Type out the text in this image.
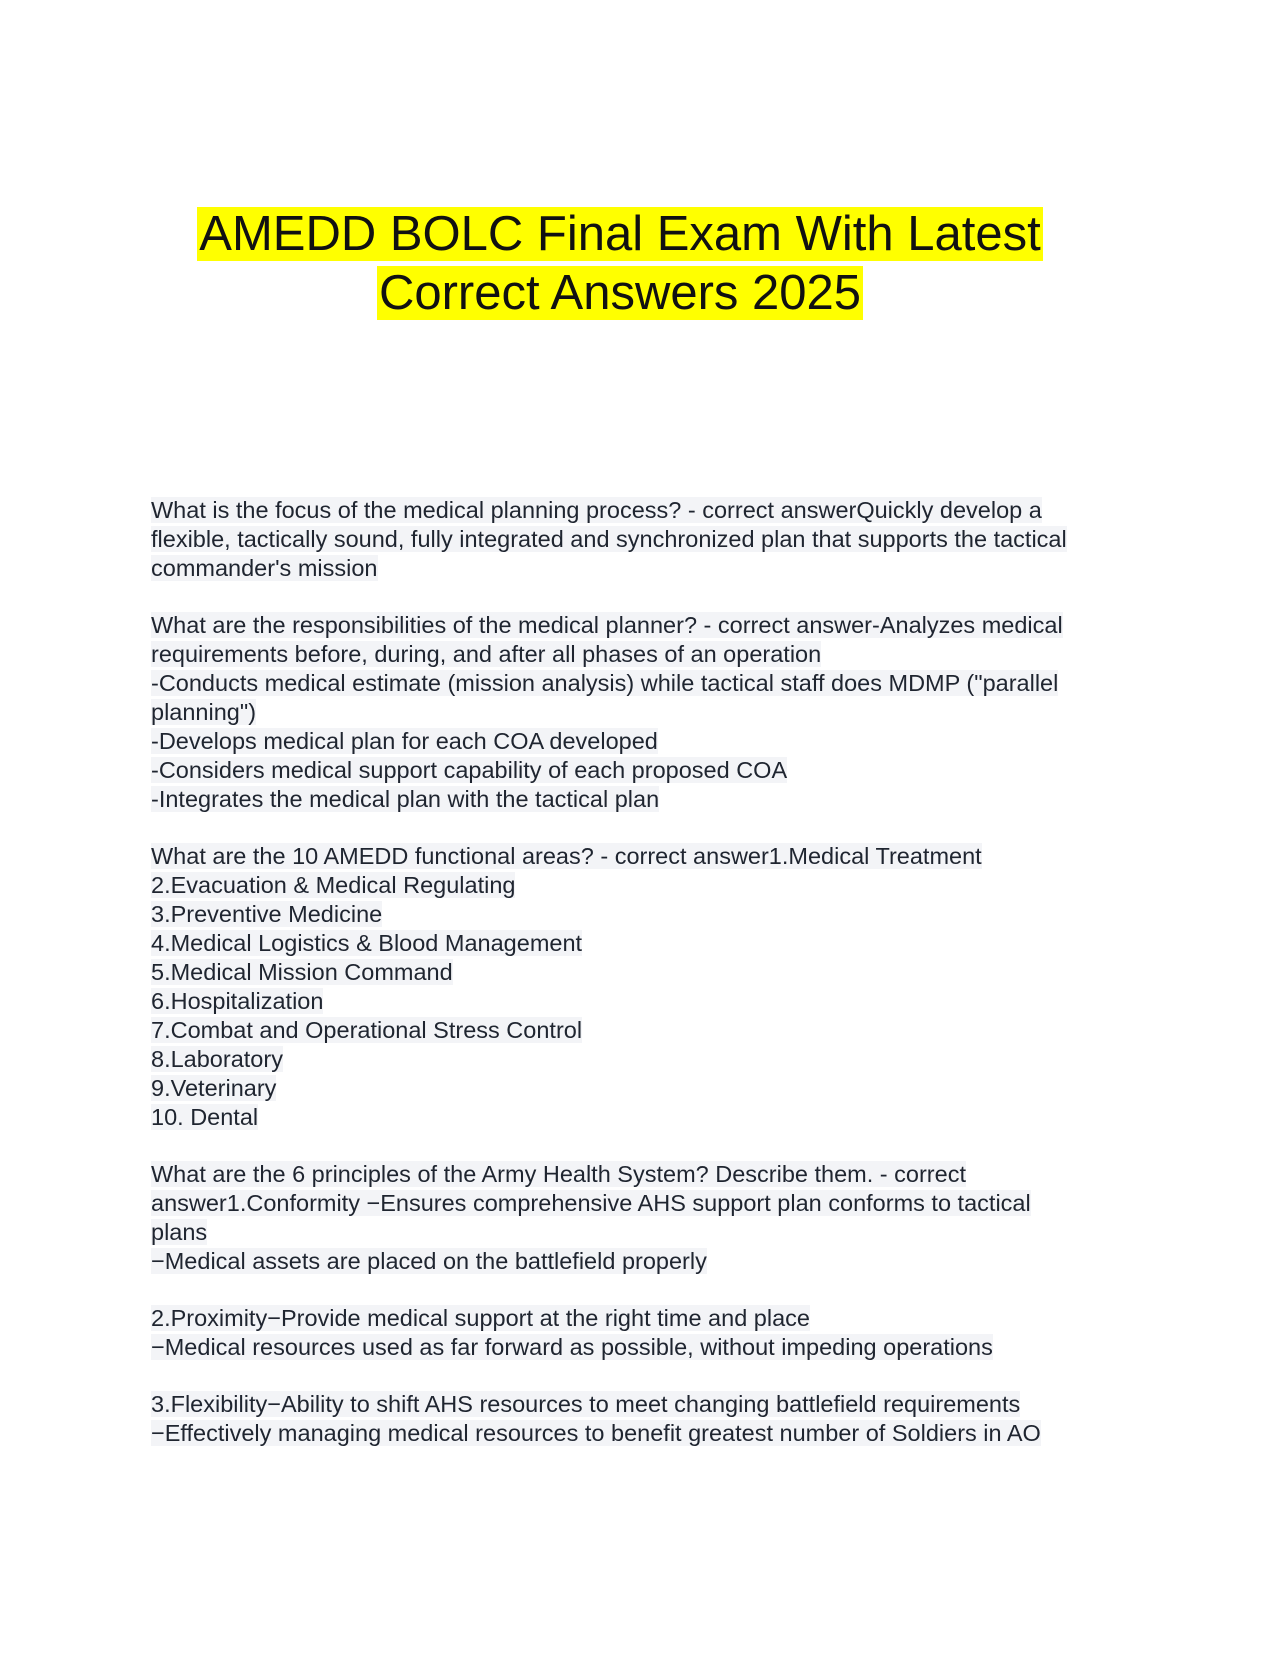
AMEDD BOLC Final Exam With Latest
Correct Answers 2025
What is the focus of the medical planning process? - correct answerQuickly develop a
flexible, tactically sound, fully integrated and synchronized plan that supports the tactical
commander's mission
What are the responsibilities of the medical planner? - correct answer-Analyzes medical
requirements before, during, and after all phases of an operation
-Conducts medical estimate (mission analysis) while tactical staff does MDMP ("parallel
planning")
-Develops medical plan for each COA developed
-Considers medical support capability of each proposed COA
-Integrates the medical plan with the tactical plan
What are the 10 AMEDD functional areas? - correct answer1.Medical Treatment
2.Evacuation & Medical Regulating
3.Preventive Medicine
4.Medical Logistics & Blood Management
5.Medical Mission Command
6.Hospitalization
7.Combat and Operational Stress Control
8.Laboratory
9.Veterinary
10. Dental
What are the 6 principles of the Army Health System? Describe them. - correct
answer1.Conformity −Ensures comprehensive AHS support plan conforms to tactical
plans
−Medical assets are placed on the battlefield properly
2.Proximity−Provide medical support at the right time and place
−Medical resources used as far forward as possible, without impeding operations
3.Flexibility−Ability to shift AHS resources to meet changing battlefield requirements
−Effectively managing medical resources to benefit greatest number of Soldiers in AO
